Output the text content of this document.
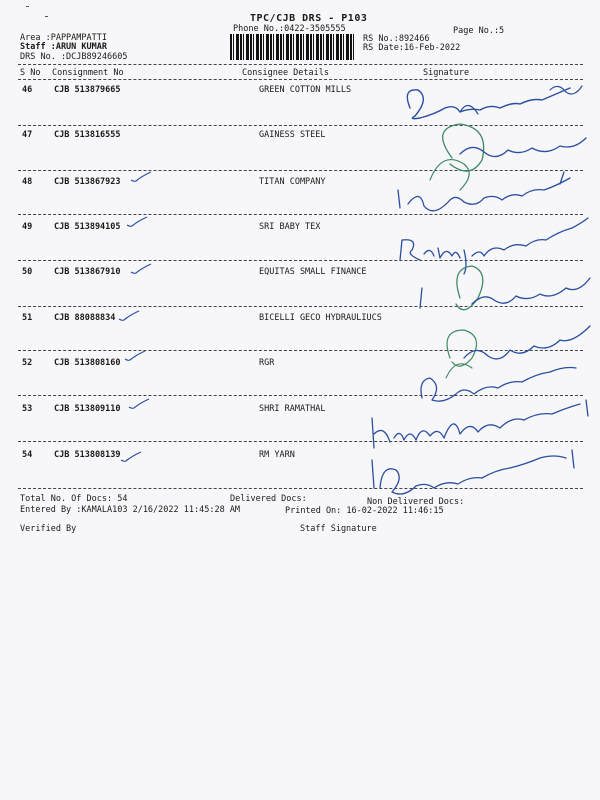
TPC/CJB DRS - P103
Phone No.:0422-3505555	Page No.:5
Area :PAPPAMPATTI
Staff :ARUN KUMAR
DRS No. :DCJB89246605
RS No.:892466
RS Date:16-Feb-2022
S No Consignment No	Consignee Details	Signature
46	CJB 513879665	GREEN COTTON MILLS
47	CJB 513816555	GAINESS STEEL
48	CJB 513867923	TITAN COMPANY
49	CJB 513894105	SRI BABY TEX
50	CJB 513867910	EQUITAS SMALL FINANCE
51	CJB 88088834	BICELLI GECO HYDRAULIUCS
52	CJB 513808160	RGR
53	CJB 513809110	SHRI RAMATHAL
54	CJB 513808139	RM YARN
Total No. Of Docs: 54	Delivered Docs:	Non Delivered Docs:
Entered By :KAMALA103 2/16/2022 11:45:28 AM	Printed On: 16-02-2022 11:46:15
Verified By	Staff Signature
